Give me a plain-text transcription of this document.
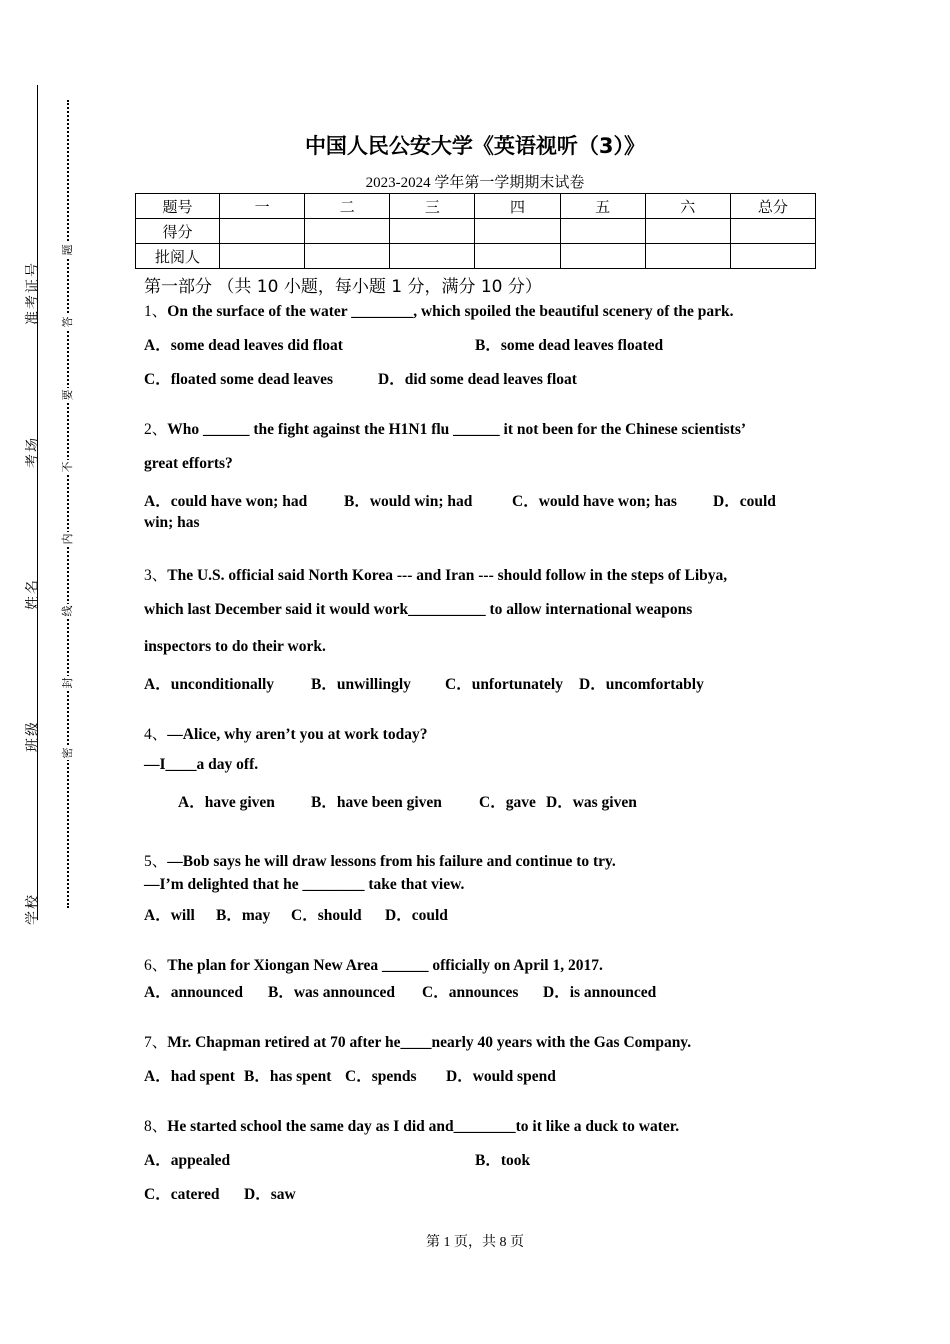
准考证号
考场
姓名
班级
学校
题
答
要
不
内
线
封
密
中国人民公安大学《英语视听（3）》
2023-2024 学年第一学期期末试卷
题号	一	二	三	四	五	六	总分
得分							
批阅人							
第一部分 （共 10 小题，每小题 1 分，满分 10 分）
1、On the surface of the water ________, which spoiled the beautiful scenery of the park.
A．some dead leaves did float	B．some dead leaves floated
C．floated some dead leaves	D．did some dead leaves float
2、Who ______ the fight against the H1N1 flu ______ it not been for the Chinese scientists’
great efforts?
A．could have won; had B．would win; had	C．would have won; has D．could
win; has
3、The U.S. official said North Korea --- and Iran --- should follow in the steps of Libya,
which last December said it would work__________ to allow international weapons
inspectors to do their work.
A．unconditionally B．unwillingly C．unfortunately D．uncomfortably
4、—Alice, why aren’t you at work today?
—I____a day off.
A．have given B．have been given C．gave D．was given
5、—Bob says he will draw lessons from his failure and continue to try.
—I’m delighted that he ________ take that view.
A．will B．may C．should D．could
6、The plan for Xiongan New Area ______ officially on April 1, 2017.
A．announced B．was announced C．announces D．is announced
7、Mr. Chapman retired at 70 after he____nearly 40 years with the Gas Company.
A．had spent B．has spent C．spends D．would spend
8、He started school the same day as I did and________to it like a duck to water.
A．appealed	B．took
C．catered D．saw
第 1 页，共 8 页
